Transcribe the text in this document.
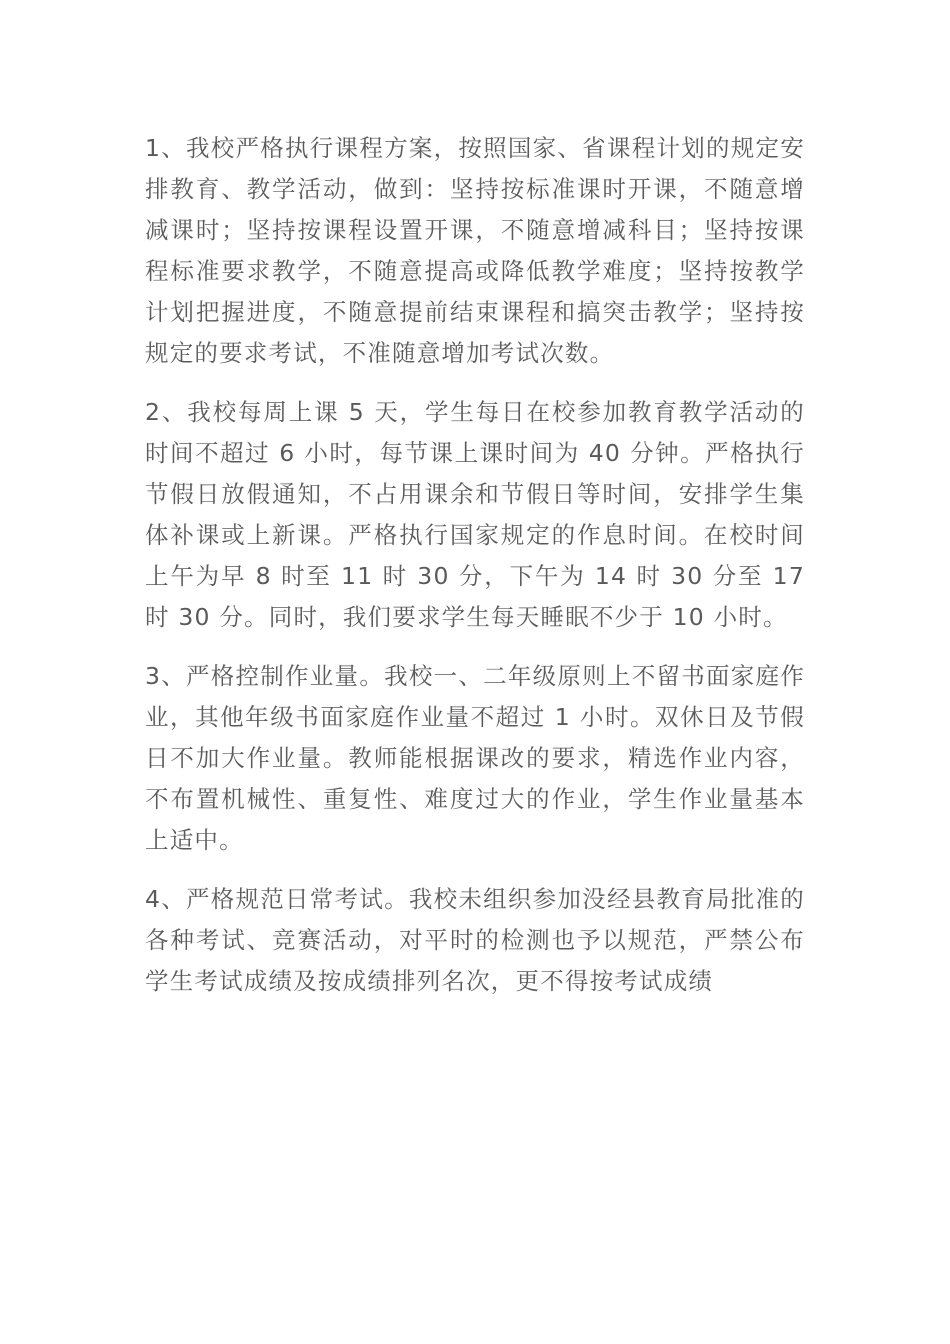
1、我校严格执行课程方案，按照国家、省课程计划的规定安排教育、教学活动，做到：坚持按标准课时开课，不随意增减课时；坚持按课程设置开课，不随意增减科目；坚持按课程标准要求教学，不随意提高或降低教学难度；坚持按教学计划把握进度，不随意提前结束课程和搞突击教学；坚持按规定的要求考试，不准随意增加考试次数。

2、我校每周上课 5 天，学生每日在校参加教育教学活动的时间不超过 6 小时，每节课上课时间为 40 分钟。严格执行节假日放假通知，不占用课余和节假日等时间，安排学生集体补课或上新课。严格执行国家规定的作息时间。在校时间上午为早 8 时至 11 时 30 分，下午为 14 时 30 分至 17 时 30 分。同时，我们要求学生每天睡眠不少于 10 小时。

3、严格控制作业量。我校一、二年级原则上不留书面家庭作业，其他年级书面家庭作业量不超过 1 小时。双休日及节假日不加大作业量。教师能根据课改的要求，精选作业内容，不布置机械性、重复性、难度过大的作业，学生作业量基本上适中。

4、严格规范日常考试。我校未组织参加没经县教育局批准的各种考试、竞赛活动，对平时的检测也予以规范，严禁公布学生考试成绩及按成绩排列名次，更不得按考试成绩
